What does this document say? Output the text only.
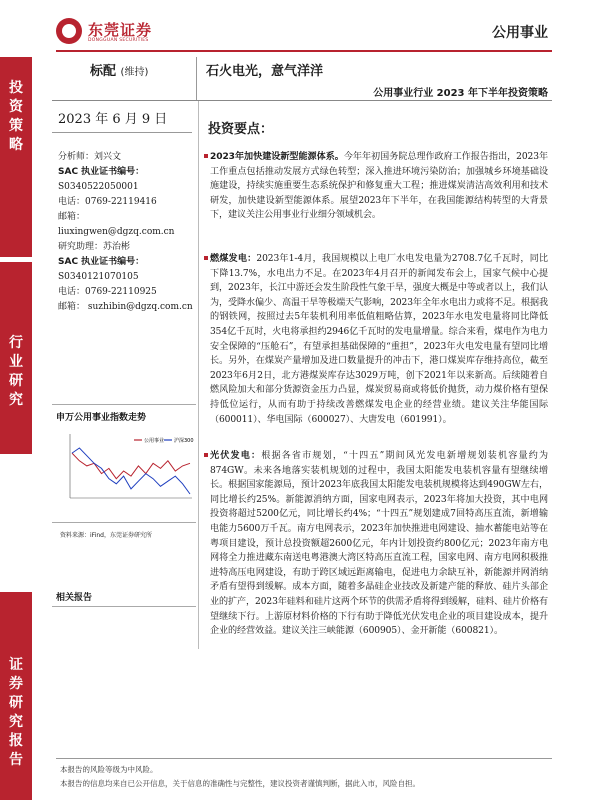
东莞证券
DONGGUAN SECURITIES	公用事业
投资策略
行业研究
证券研究报告
标配 (维持)	石火电光，意气洋洋
公用事业行业 2023 年下半年投资策略
2023 年 6 月 9 日
分析师：刘兴文
SAC 执业证书编号：
S0340522050001
电话：0769-22119416
邮箱：
liuxingwen@dgzq.com.cn
研究助理：苏治彬
SAC 执业证书编号：
S0340121070105
电话：0769-22110925
邮箱： suzhibin@dgzq.com.cn
申万公用事业指数走势
公用事业 沪深300
资料来源：iFind，东莞证券研究所
相关报告
投资要点：
2023年加快建设新型能源体系。今年年初国务院总理作政府工作报告指出，2023年工作重点包括推动发展方式绿色转型；深入推进环境污染防治；加强城乡环境基础设施建设，持续实施重要生态系统保护和修复重大工程；推进煤炭清洁高效利用和技术研发，加快建设新型能源体系。展望2023年下半年，在我国能源结构转型的大背景下，建议关注公用事业行业细分领域机会。
燃煤发电：2023年1-4月，我国规模以上电厂水电发电量为2708.7亿千瓦时，同比下降13.7%，水电出力不足。在2023年4月召开的新闻发布会上，国家气候中心提到，2023年，长江中游还会发生阶段性气象干旱，强度大概是中等或者以上，我们认为，受降水偏少、高温干旱等极端天气影响，2023年全年水电出力或将不足。根据我的钢铁网，按照过去5年装机利用率低值粗略估算，2023年水电发电量将同比降低354亿千瓦时，火电将承担约2946亿千瓦时的发电量增量。综合来看，煤电作为电力安全保障的“压舱石”，有望承担基础保障的“重担”，2023年火电发电量有望同比增长。另外，在煤炭产量增加及进口数量提升的冲击下，港口煤炭库存维持高位，截至2023年6月2日，北方港煤炭库存达3029万吨，创下2021年以来新高。后续随着自燃风险加大和部分货源资金压力凸显，煤炭贸易商或将低价抛货，动力煤价格有望保持低位运行，从而有助于持续改善燃煤发电企业的经营业绩。建议关注华能国际（600011）、华电国际（600027）、大唐发电（601991）。
光伏发电：根据各省市规划，“十四五”期间风光发电新增规划装机容量约为874GW。未来各地落实装机规划的过程中，我国太阳能发电装机容量有望继续增长。根据国家能源局，预计2023年底我国太阳能发电装机规模将达到490GW左右，同比增长约25%。新能源消纳方面，国家电网表示，2023年将加大投资，其中电网投资将超过5200亿元，同比增长约4%；“十四五”规划建成7回特高压直流，新增输电能力5600万千瓦。南方电网表示，2023年加快推进电网建设、抽水蓄能电站等在粤项目建设，预计总投资额超2600亿元，年内计划投资约800亿元；2023年南方电网将全力推进藏东南送电粤港澳大湾区特高压直流工程，国家电网、南方电网积极推进特高压电网建设，有助于跨区域远距离输电，促进电力余缺互补，新能源并网消纳矛盾有望得到缓解。成本方面，随着多晶硅企业技改及新建产能的释放、硅片头部企业的扩产，2023年硅料和硅片这两个环节的供需矛盾将得到缓解，硅料、硅片价格有望继续下行。上游原材料价格的下行有助于降低光伏发电企业的项目建设成本，提升企业的经营效益。建议关注三峡能源（600905）、金开新能（600821）。
本报告的风险等级为中风险。
本报告的信息均来自已公开信息，关于信息的准确性与完整性，建议投资者谨慎判断，据此入市，风险自担。
